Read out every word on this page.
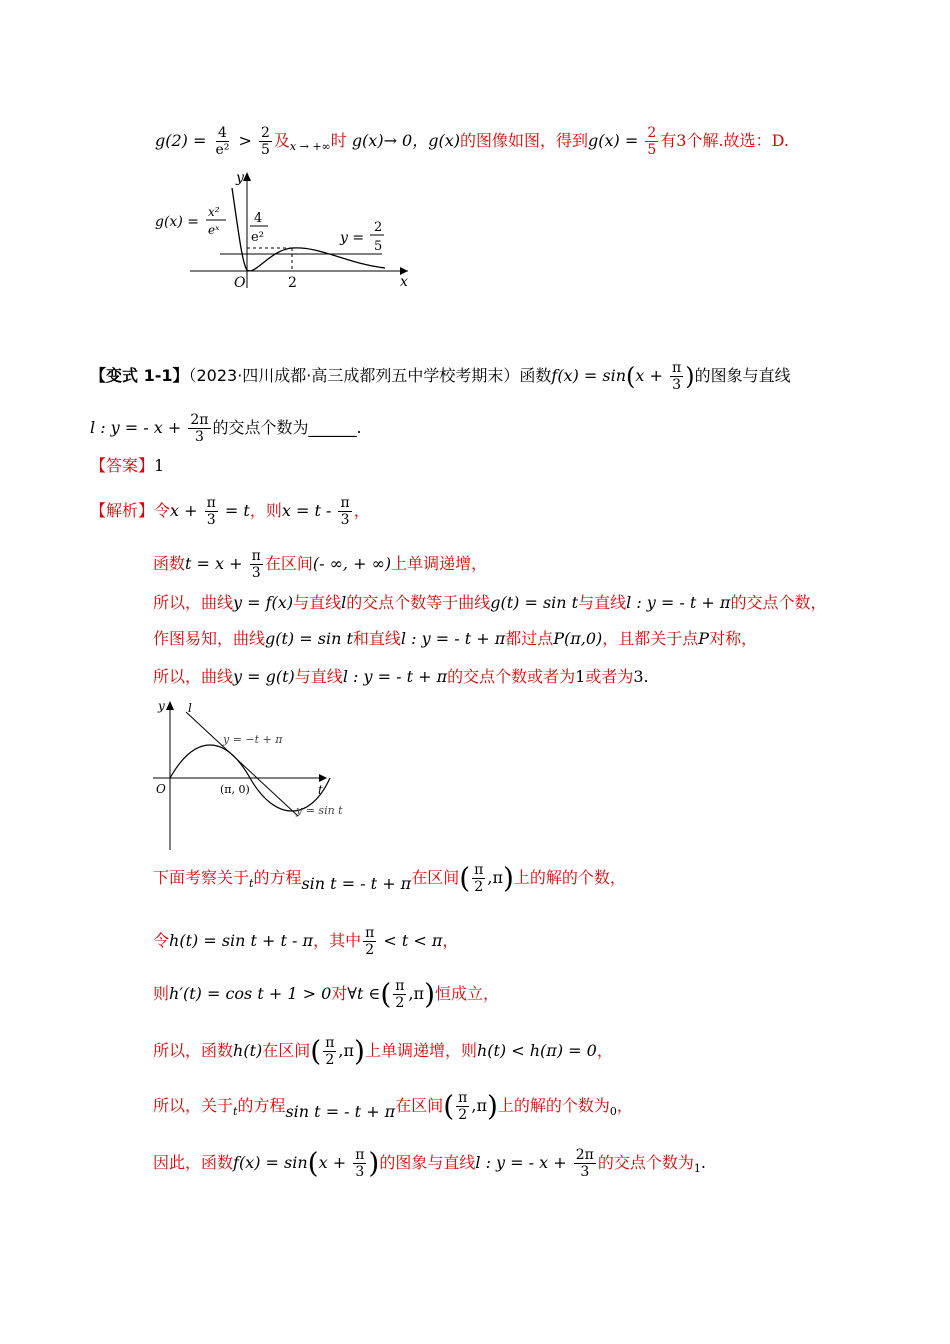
$g(2) = \frac{4}{\text{e²}} > \frac{2}{5}$ 及$_{x \to +\infty}$时 g(x)→ 0，g(x)的图像如图，得到$g(x) = \frac{2}{5}$ 有3个解.故选：D.
g(x) =
x²
eˣ
4
e²	y =
2
5
y
x
O	2
【变式 1-1】（2023·四川成都·高三成都列五中学校考期末）函数$f(x) = \sin(x + \frac{\pi}{3}$ )的图象与直线
l : y = - $x + \frac{2\pi}{3}$ 的交点个数为______.
【答案】1
【解析】令$x + \frac{\pi}{3} = t$，则$x = t - \frac{\pi}{3}$ ，
函数$t = x + \frac{\pi}{3}$ 在区间(- ∞, + ∞)上单调递增，
所以，曲线y = f(x)与直线l的交点个数等于曲线g(t) = sin t与直线l : y = - t + π的交点个数，
作图易知，曲线g(t) = sin t和直线l : y = - t + π都过点P(π,0)，且都关于点P对称，
所以，曲线y = g(t)与直线l : y = - t + π的交点个数或者为1或者为3.
y
t
O
l
y = −t + π
(π, 0)
y = sin t
下面考察关于$_t$的方程sin t = - t + π在区间( $\frac{\pi}{2} ,\pi$)上的解的个数，
令h(t) = sin t + t - π，其中 $\frac{\pi}{2} < t < \pi$，
则h′(t) = cos t + 1 > 0对∀t ∈( $\frac{\pi}{2} ,\pi$)恒成立，
所以，函数h(t)在区间( $\frac{\pi}{2} ,\pi$)上单调递增，则h(t) < h(π) = 0，
所以，关于$_t$的方程sin t = - t + π在区间( $\frac{\pi}{2} ,\pi$)上的解的个数为$_0$，
因此，函数$f(x) = \sin(x + \frac{\pi}{3}$ )的图象与直线l : y = - $x + \frac{2\pi}{3}$ 的交点个数为$_1$.
